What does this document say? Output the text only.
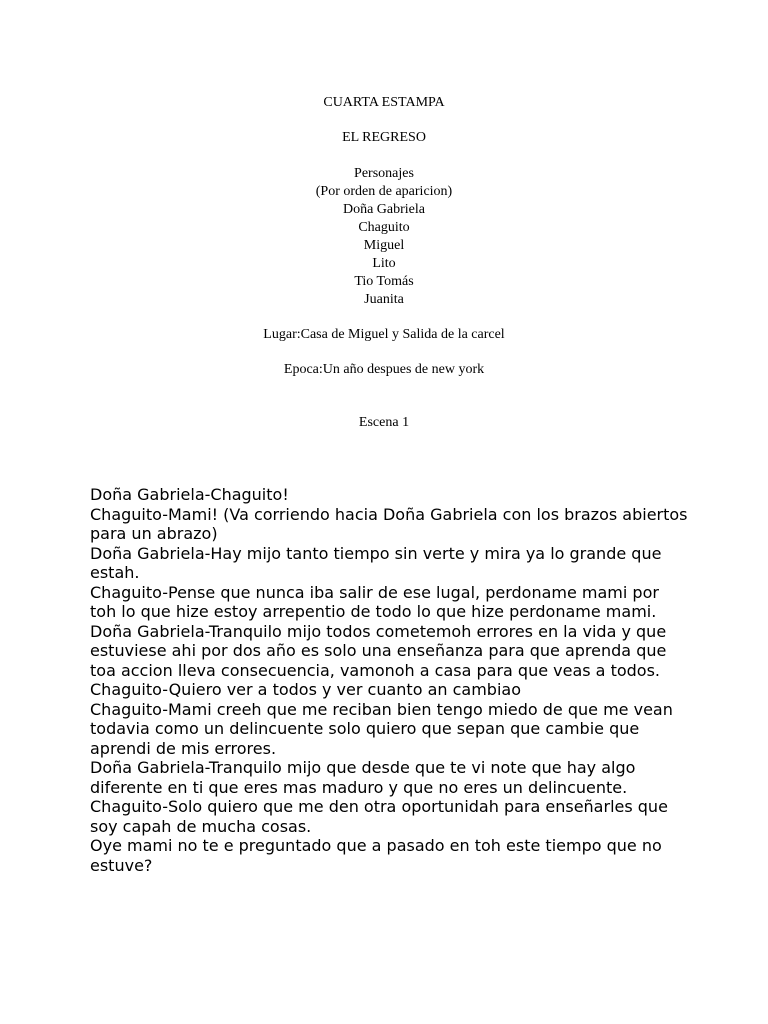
CUARTA ESTAMPA
EL REGRESO
Personajes
(Por orden de aparicion)
Doña Gabriela
Chaguito
Miguel
Lito
Tio Tomás
Juanita
Lugar:Casa de Miguel y Salida de la carcel
Epoca:Un año despues de new york
Escena 1

Doña Gabriela-Chaguito!

Chaguito-Mami! (Va corriendo hacia Doña Gabriela con los brazos abiertos para un abrazo)

Doña Gabriela-Hay mijo tanto tiempo sin verte y mira ya lo grande que estah.

Chaguito-Pense que nunca iba salir de ese lugal, perdoname mami por toh lo que hize estoy arrepentio de todo lo que hize perdoname mami.

Doña Gabriela-Tranquilo mijo todos cometemoh errores en la vida y que estuviese ahi por dos año es solo una enseñanza para que aprenda que toa accion lleva consecuencia, vamonoh a casa para que veas a todos.

Chaguito-Quiero ver a todos y ver cuanto an cambiao

Chaguito-Mami creeh que me reciban bien tengo miedo de que me vean todavia como un delincuente solo quiero que sepan que cambie que aprendi de mis errores.

Doña Gabriela-Tranquilo mijo que desde que te vi note que hay algo diferente en ti que eres mas maduro y que no eres un delincuente.

Chaguito-Solo quiero que me den otra oportunidah para enseñarles que soy capah de mucha cosas.

Oye mami no te e preguntado que a pasado en toh este tiempo que no estuve?
